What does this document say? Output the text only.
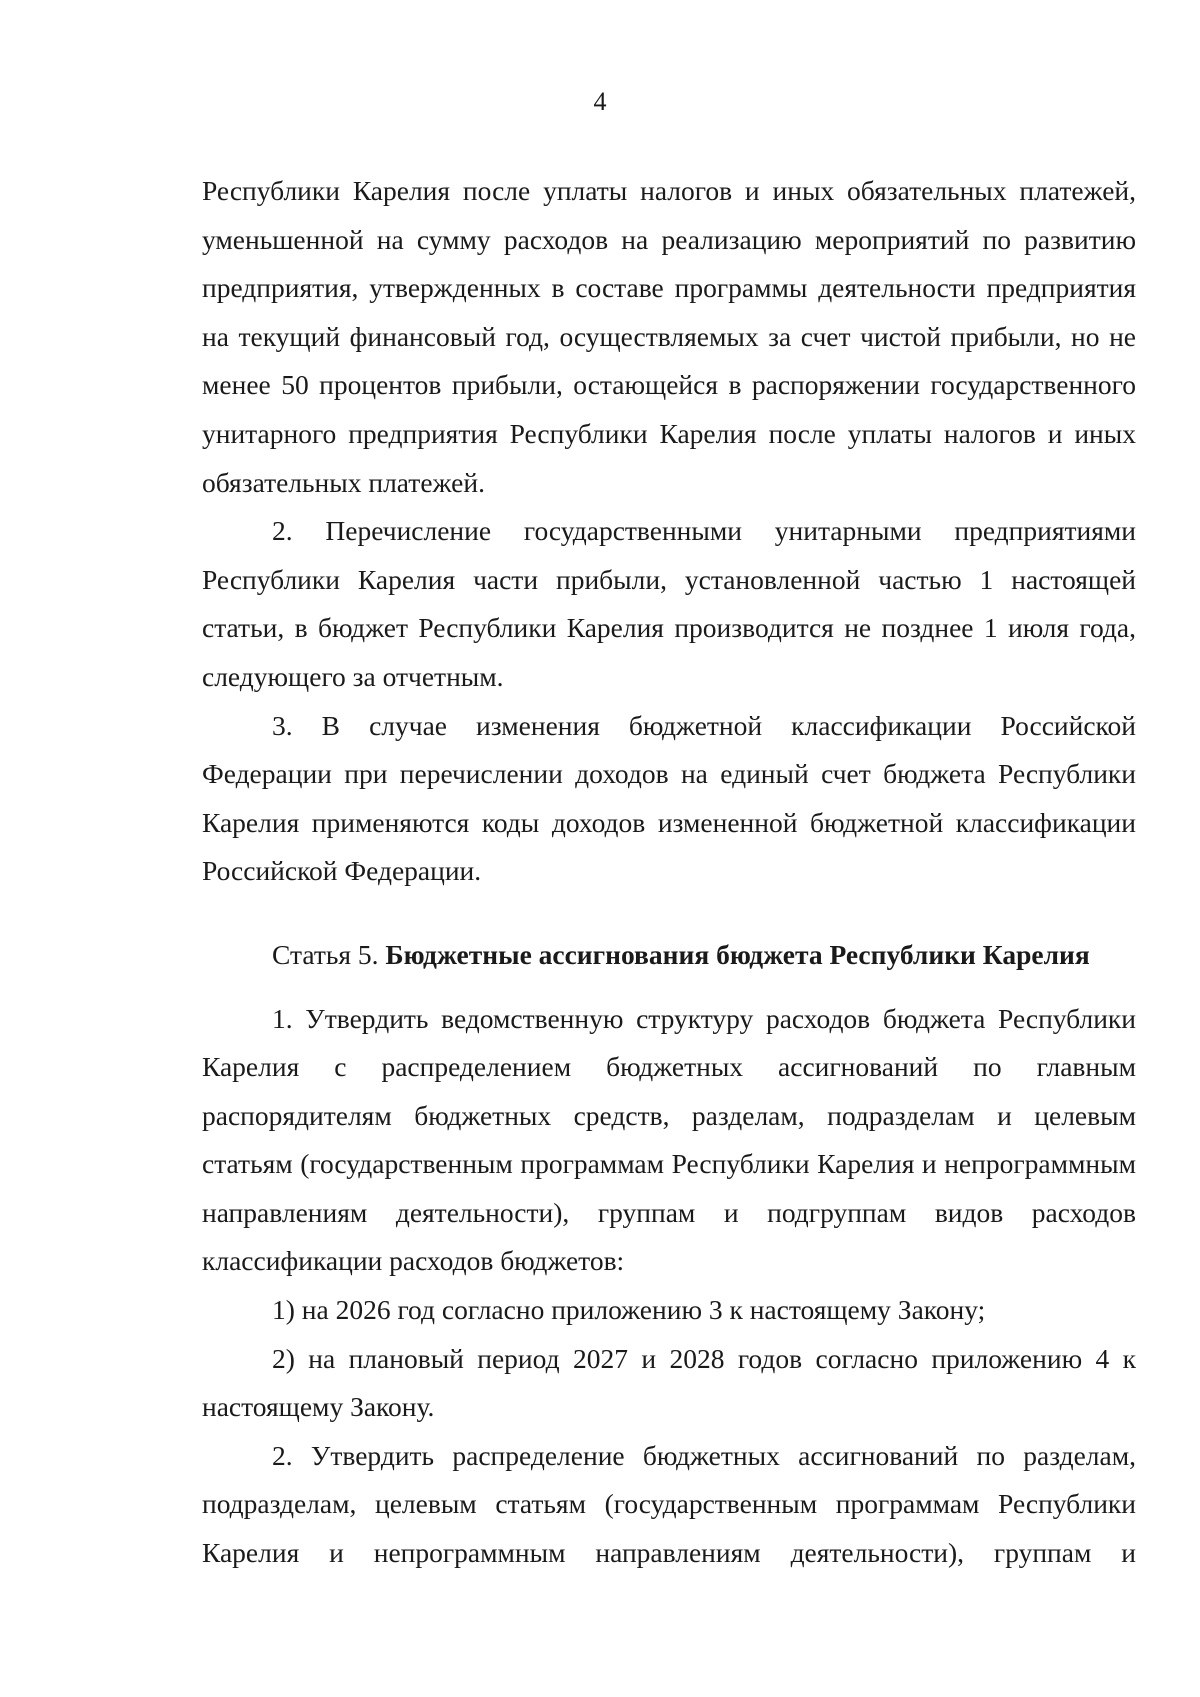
4

Республики Карелия после уплаты налогов и иных обязательных платежей, уменьшенной на сумму расходов на реализацию мероприятий по развитию предприятия, утвержденных в составе программы деятельности предприятия на текущий финансовый год, осуществляемых за счет чистой прибыли, но не менее 50 процентов прибыли, остающейся в распоряжении государственного унитарного предприятия Республики Карелия после уплаты налогов и иных обязательных платежей.

2. Перечисление государственными унитарными предприятиями Республики Карелия части прибыли, установленной частью 1 настоящей статьи, в бюджет Республики Карелия производится не позднее 1 июля года, следующего за отчетным.

3. В случае изменения бюджетной классификации Российской Федерации при перечислении доходов на единый счет бюджета Республики Карелия применяются коды доходов измененной бюджетной классификации Российской Федерации.

Статья 5. Бюджетные ассигнования бюджета Республики Карелия

1. Утвердить ведомственную структуру расходов бюджета Республики Карелия с распределением бюджетных ассигнований по главным распорядителям бюджетных средств, разделам, подразделам и целевым статьям (государственным программам Республики Карелия и непрограммным направлениям деятельности), группам и подгруппам видов расходов классификации расходов бюджетов:

1) на 2026 год согласно приложению 3 к настоящему Закону;

2) на плановый период 2027 и 2028 годов согласно приложению 4 к настоящему Закону.

2. Утвердить распределение бюджетных ассигнований по разделам, подразделам, целевым статьям (государственным программам Республики Карелия и непрограммным направлениям деятельности), группам и
